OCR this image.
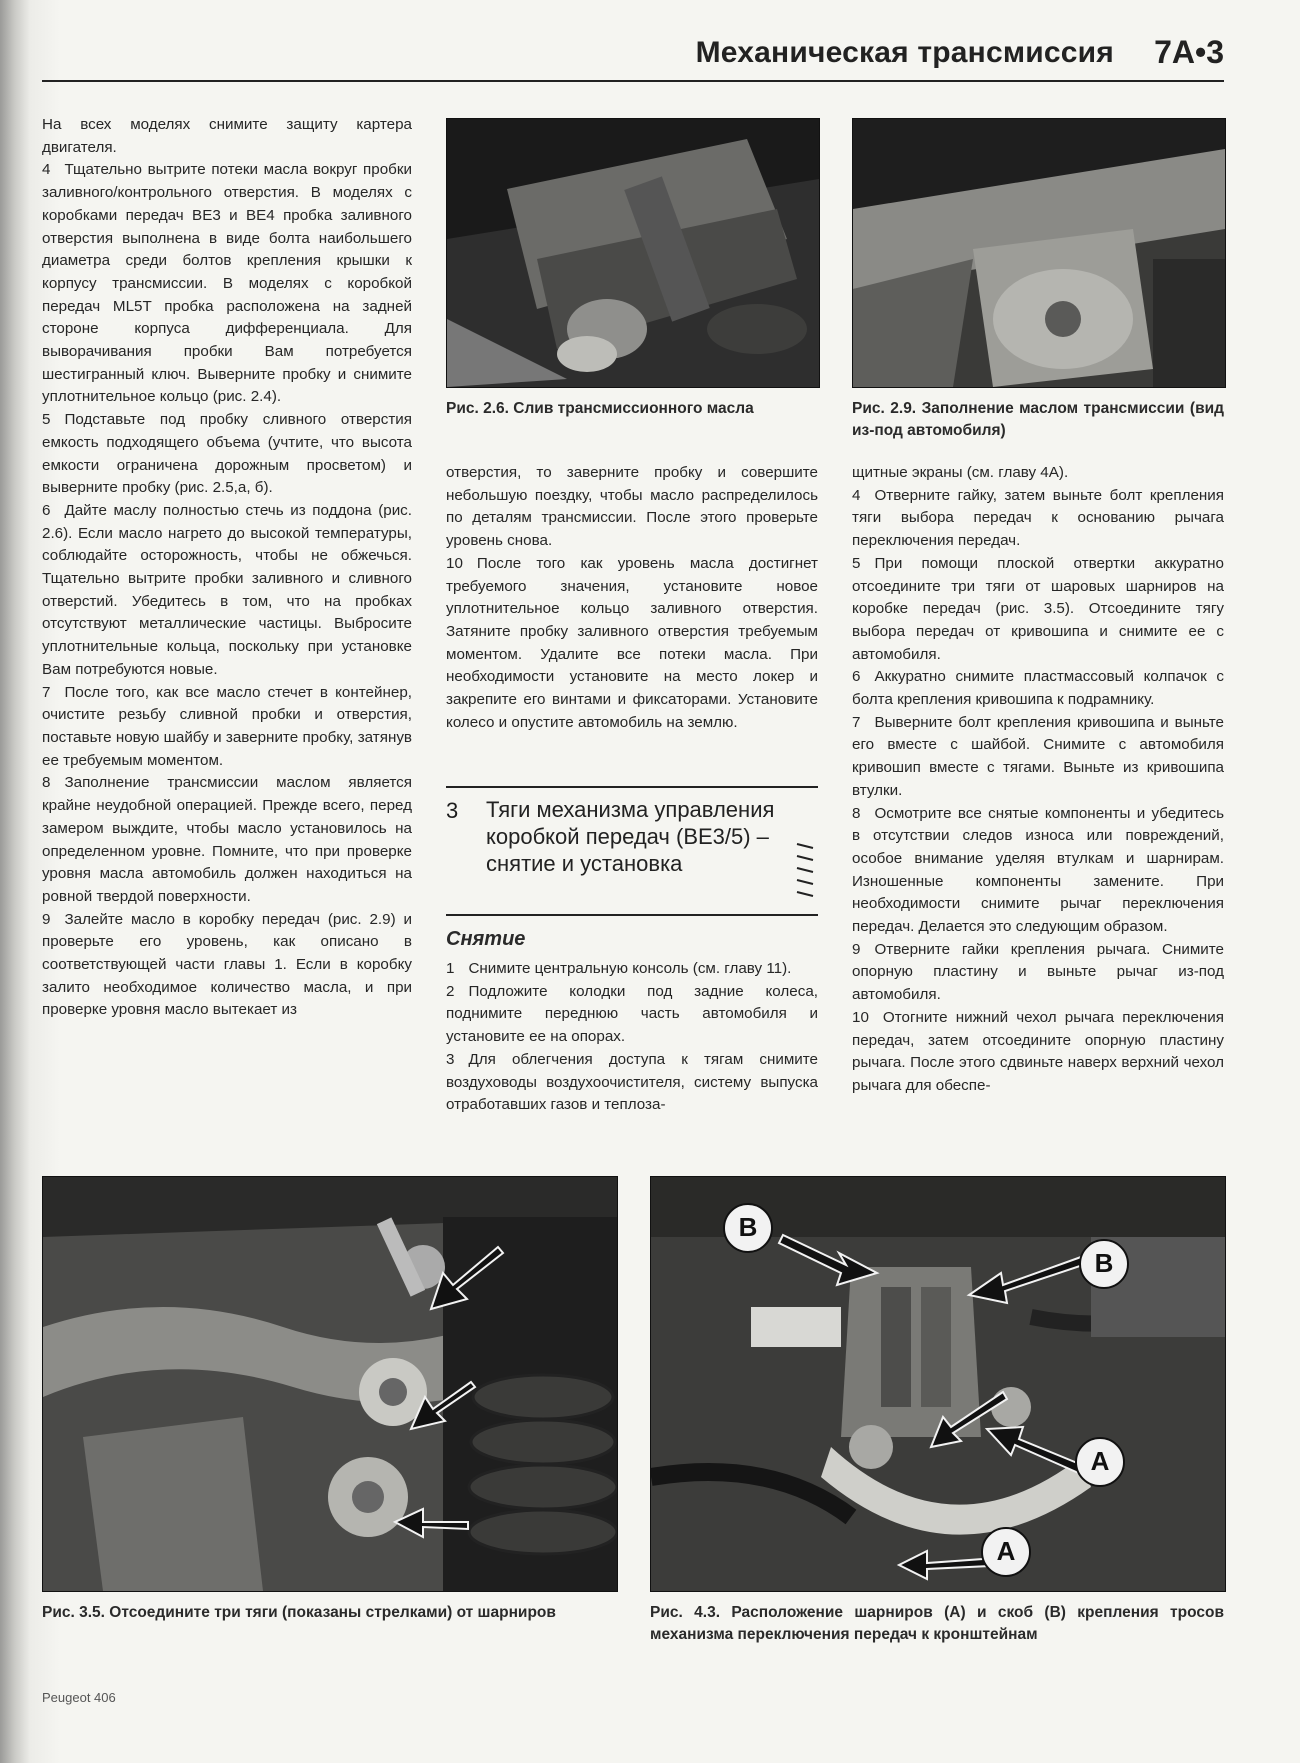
Механическая трансмиссия 7A•3

На всех моделях снимите защиту картера двигателя.

4 Тщательно вытрите потеки масла вокруг пробки заливного/контрольного отверстия. В моделях с коробками передач BE3 и BE4 пробка заливного отверстия выполнена в виде болта наибольшего диаметра среди болтов крепления крышки к корпусу трансмиссии. В моделях с коробкой передач ML5T пробка расположена на задней стороне корпуса дифференциала. Для выворачивания пробки Вам потребуется шестигранный ключ. Выверните пробку и снимите уплотнительное кольцо (рис. 2.4).

5 Подставьте под пробку сливного отверстия емкость подходящего объема (учтите, что высота емкости ограничена дорожным просветом) и выверните пробку (рис. 2.5,а, б).

6 Дайте маслу полностью стечь из поддона (рис. 2.6). Если масло нагрето до высокой температуры, соблюдайте осторожность, чтобы не обжечься. Тщательно вытрите пробки заливного и сливного отверстий. Убедитесь в том, что на пробках отсутствуют металлические частицы. Выбросите уплотнительные кольца, поскольку при установке Вам потребуются новые.

7 После того, как все масло стечет в контейнер, очистите резьбу сливной пробки и отверстия, поставьте новую шайбу и заверните пробку, затянув ее требуемым моментом.

8 Заполнение трансмиссии маслом является крайне неудобной операцией. Прежде всего, перед замером выждите, чтобы масло установилось на определенном уровне. Помните, что при проверке уровня масла автомобиль должен находиться на ровной твердой поверхности.

9 Залейте масло в коробку передач (рис. 2.9) и проверьте его уровень, как описано в соответствующей части главы 1. Если в коробку залито необходимое количество масла, и при проверке уровня масло вытекает из

Рис. 2.6. Слив трансмиссионного масла	Рис. 2.9. Заполнение маслом трансмиссии (вид из-под автомобиля)

отверстия, то заверните пробку и совершите небольшую поездку, чтобы масло распределилось по деталям трансмиссии. После этого проверьте уровень снова.

10 После того как уровень масла достигнет требуемого значения, установите новое уплотнительное кольцо заливного отверстия. Затяните пробку заливного отверстия требуемым моментом. Удалите все потеки масла. При необходимости установите на место локер и закрепите его винтами и фиксаторами. Установите колесо и опустите автомобиль на землю.

3 Тяги механизма управления коробкой передач (BE3/5) – снятие и установка
Снятие

1 Снимите центральную консоль (см. главу 11).

2 Подложите колодки под задние колеса, поднимите переднюю часть автомобиля и установите ее на опорах.

3 Для облегчения доступа к тягам снимите воздуховоды воздухоочистителя, систему выпуска отработавших газов и теплоза-

щитные экраны (см. главу 4А).

4 Отверните гайку, затем выньте болт крепления тяги выбора передач к основанию рычага переключения передач.

5 При помощи плоской отвертки аккуратно отсоедините три тяги от шаровых шарниров на коробке передач (рис. 3.5). Отсоедините тягу выбора передач от кривошипа и снимите ее с автомобиля.

6 Аккуратно снимите пластмассовый колпачок с болта крепления кривошипа к подрамнику.

7 Выверните болт крепления кривошипа и выньте его вместе с шайбой. Снимите с автомобиля кривошип вместе с тягами. Выньте из кривошипа втулки.

8 Осмотрите все снятые компоненты и убедитесь в отсутствии следов износа или повреждений, особое внимание уделяя втулкам и шарнирам. Изношенные компоненты замените. При необходимости снимите рычаг переключения передач. Делается это следующим образом.

9 Отверните гайки крепления рычага. Снимите опорную пластину и выньте рычаг из-под автомобиля.

10 Отогните нижний чехол рычага переключения передач, затем отсоедините опорную пластину рычага. После этого сдвиньте наверх верхний чехол рычага для обеспе-

Рис. 3.5. Отсоедините три тяги (показаны стрелками) от шарниров
B
B
A
A
Рис. 4.3. Расположение шарниров (A) и скоб (B) крепления тросов механизма переключения передач к кронштейнам
Peugeot 406
